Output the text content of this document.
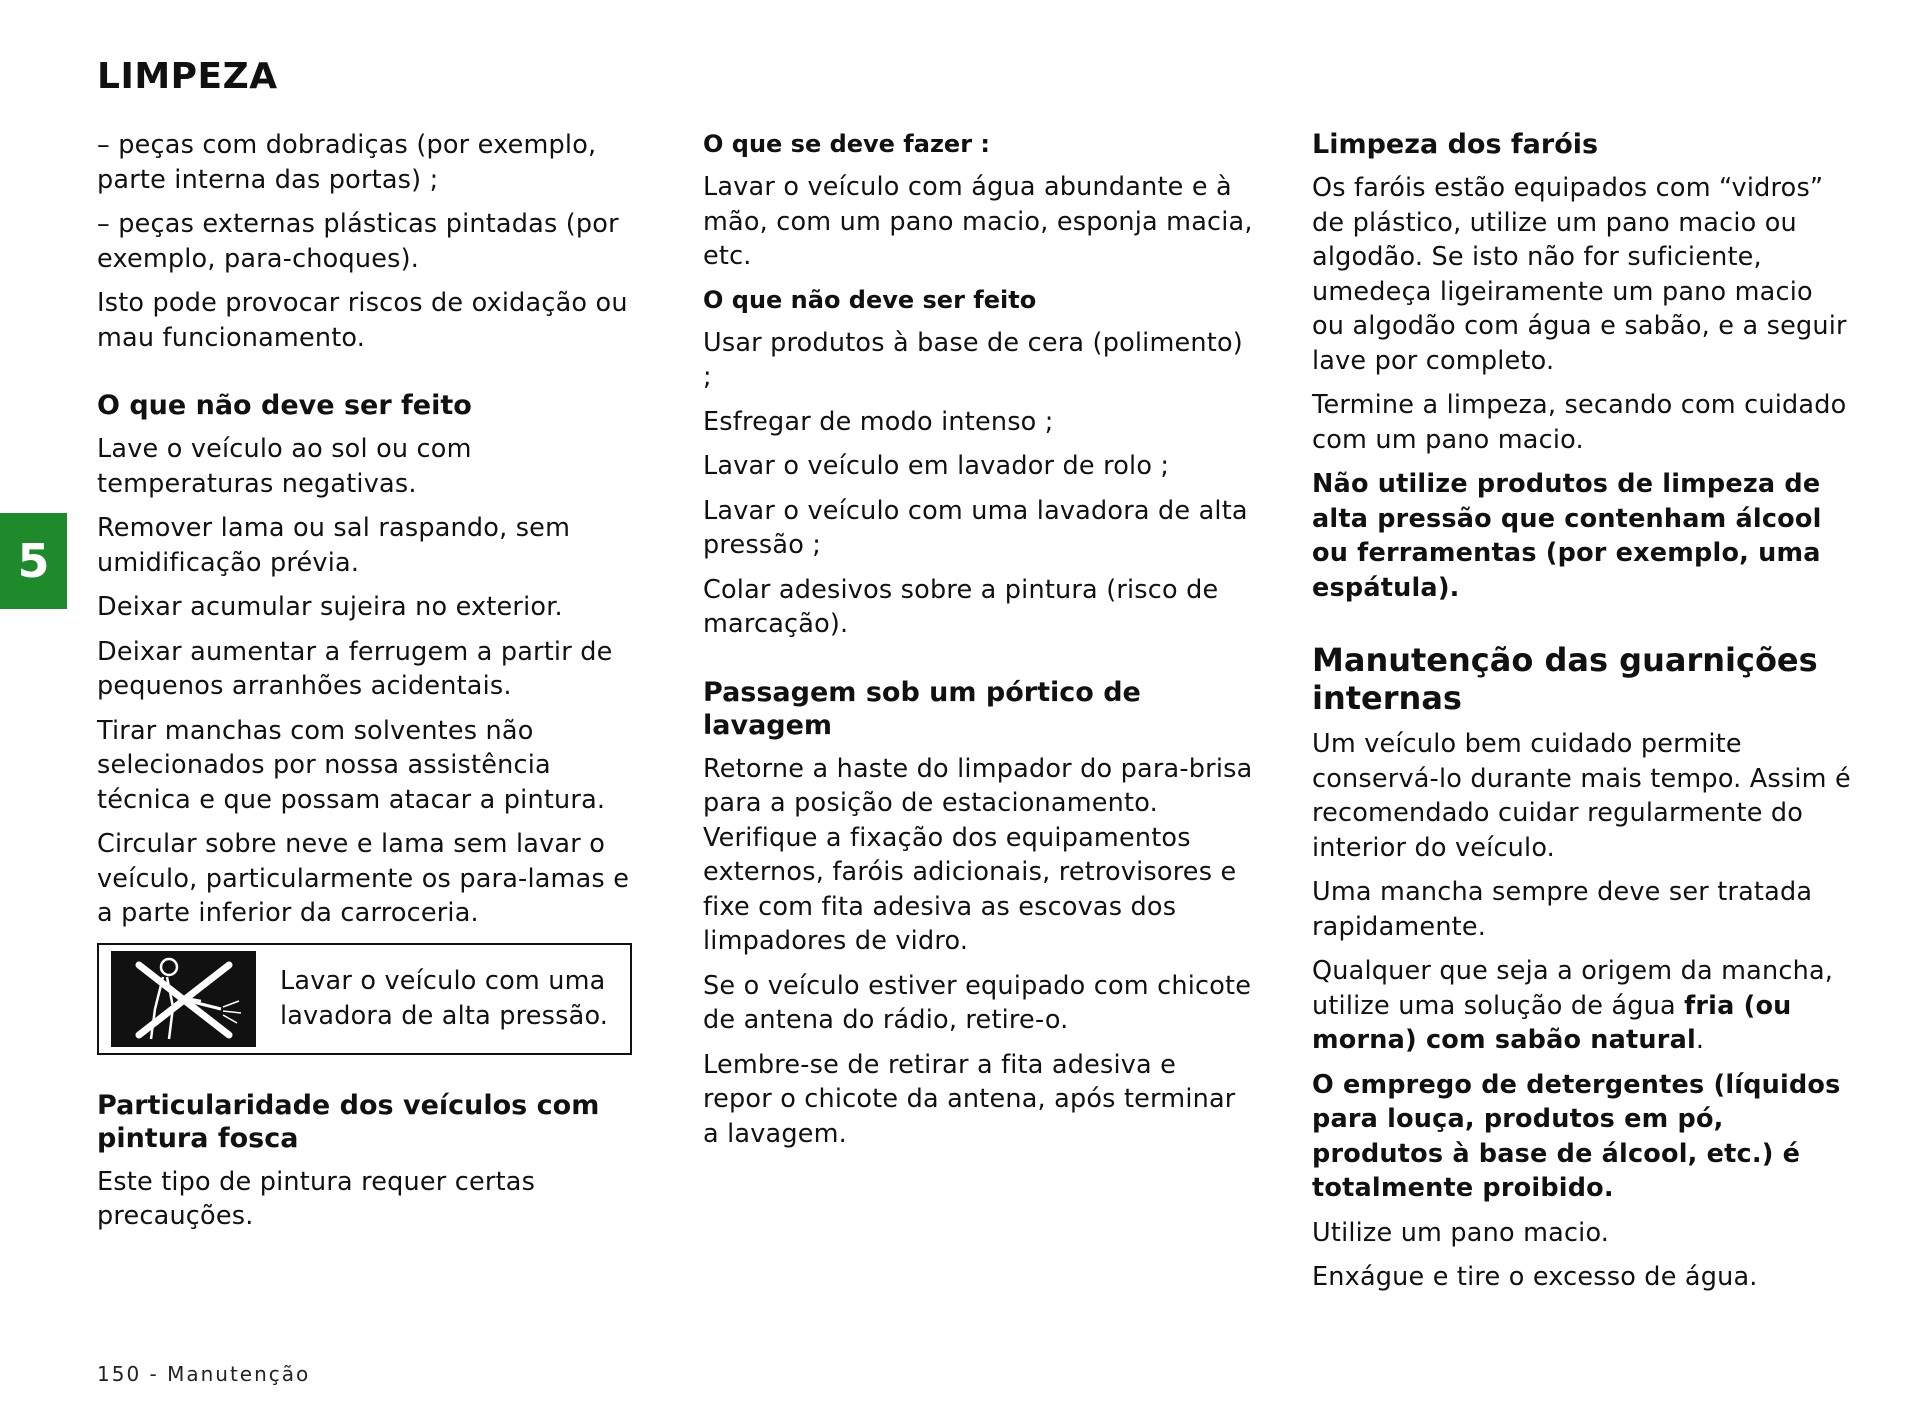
LIMPEZA
5

– peças com dobradiças (por exemplo, parte interna das portas) ;

– peças externas plásticas pintadas (por exemplo, para-choques).

Isto pode provocar riscos de oxidação ou mau funcionamento.

O que não deve ser feito

Lave o veículo ao sol ou com temperaturas negativas.

Remover lama ou sal raspando, sem umidificação prévia.

Deixar acumular sujeira no exterior.

Deixar aumentar a ferrugem a partir de pequenos arranhões acidentais.

Tirar manchas com solventes não selecionados por nossa assistência técnica e que possam atacar a pintura.

Circular sobre neve e lama sem lavar o veículo, particularmente os para-lamas e a parte inferior da carroceria.

Lavar o veículo com uma lavadora de alta pressão.

Particularidade dos veículos com pintura fosca

Este tipo de pintura requer certas precauções.

O que se deve fazer :

Lavar o veículo com água abundante e à mão, com um pano macio, esponja macia, etc.

O que não deve ser feito

Usar produtos à base de cera (polimento) ;

Esfregar de modo intenso ;

Lavar o veículo em lavador de rolo ;

Lavar o veículo com uma lavadora de alta pressão ;

Colar adesivos sobre a pintura (risco de marcação).

Passagem sob um pórtico de lavagem

Retorne a haste do limpador do para-brisa para a posição de estacionamento. Verifique a fixação dos equipamentos externos, faróis adicionais, retrovisores e fixe com fita adesiva as escovas dos limpadores de vidro.

Se o veículo estiver equipado com chicote de antena do rádio, retire-o.

Lembre-se de retirar a fita adesiva e repor o chicote da antena, após terminar a lavagem.

Limpeza dos faróis

Os faróis estão equipados com “vidros” de plástico, utilize um pano macio ou algodão. Se isto não for suficiente, umedeça ligeiramente um pano macio ou algodão com água e sabão, e a seguir lave por completo.

Termine a limpeza, secando com cuidado com um pano macio.

Não utilize produtos de limpeza de alta pressão que contenham álcool ou ferramentas (por exemplo, uma espátula).

Manutenção das guarnições internas

Um veículo bem cuidado permite conservá-lo durante mais tempo. Assim é recomendado cuidar regularmente do interior do veículo.

Uma mancha sempre deve ser tratada rapidamente.

Qualquer que seja a origem da mancha, utilize uma solução de água fria (ou morna) com sabão natural.

O emprego de detergentes (líquidos para louça, produtos em pó, produtos à base de álcool, etc.) é totalmente proibido.

Utilize um pano macio.

Enxágue e tire o excesso de água.

150 - Manutenção
